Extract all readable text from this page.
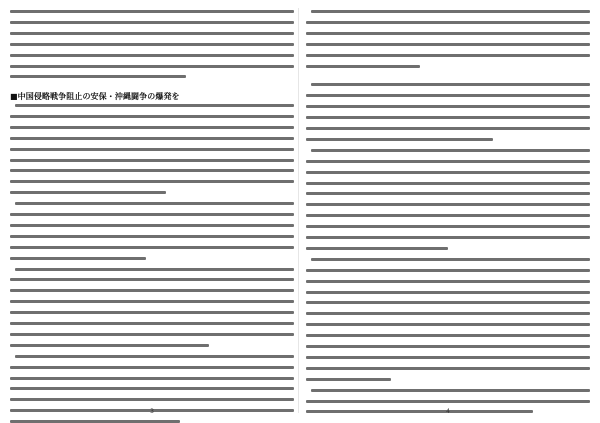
■中国侵略戦争阻止の安保・沖縄闘争の爆発を
3	4
